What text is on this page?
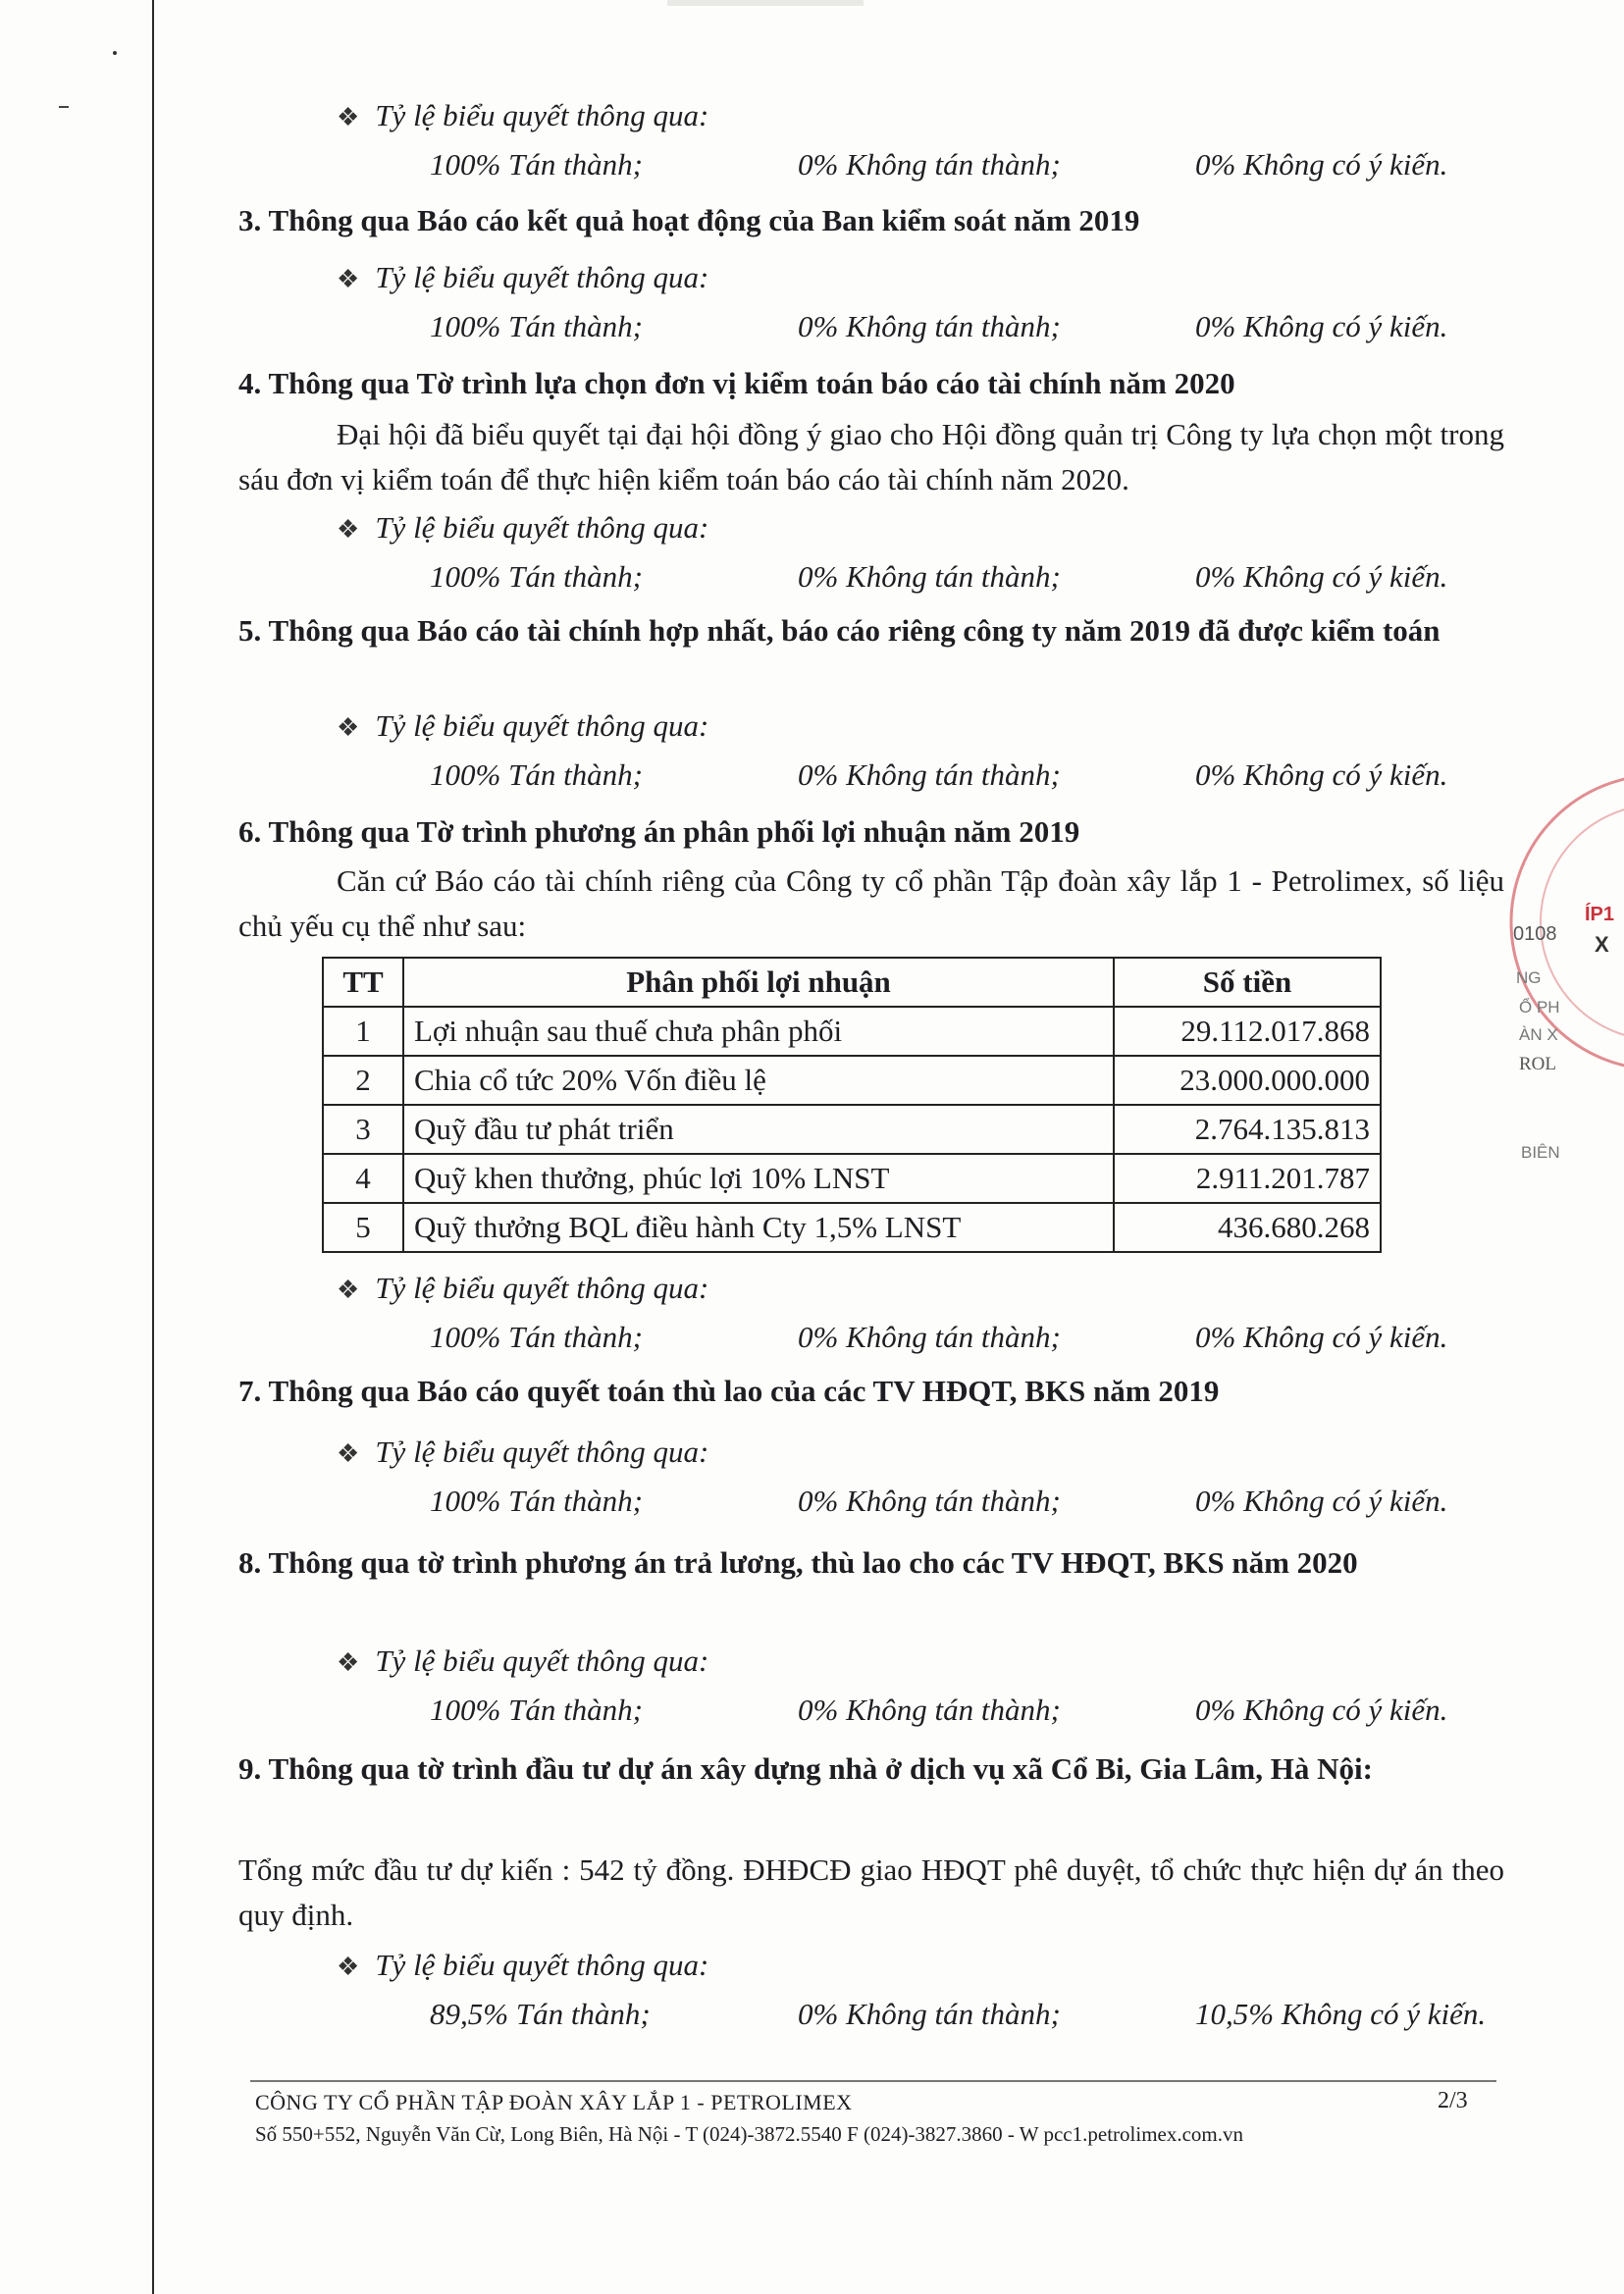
❖ Tỷ lệ biểu quyết thông qua:
100% Tán thành;	0% Không tán thành;	0% Không có ý kiến.
3. Thông qua Báo cáo kết quả hoạt động của Ban kiểm soát năm 2019
❖ Tỷ lệ biểu quyết thông qua:
100% Tán thành;	0% Không tán thành;	0% Không có ý kiến.
4. Thông qua Tờ trình lựa chọn đơn vị kiểm toán báo cáo tài chính năm 2020
Đại hội đã biểu quyết tại đại hội đồng ý giao cho Hội đồng quản trị Công ty lựa chọn một trong sáu đơn vị kiểm toán để thực hiện kiểm toán báo cáo tài chính năm 2020.
❖ Tỷ lệ biểu quyết thông qua:
100% Tán thành;	0% Không tán thành;	0% Không có ý kiến.
5. Thông qua Báo cáo tài chính hợp nhất, báo cáo riêng công ty năm 2019 đã được kiểm toán
❖ Tỷ lệ biểu quyết thông qua:
100% Tán thành;	0% Không tán thành;	0% Không có ý kiến.
6. Thông qua Tờ trình phương án phân phối lợi nhuận năm 2019
Căn cứ Báo cáo tài chính riêng của Công ty cổ phần Tập đoàn xây lắp 1 - Petrolimex, số liệu chủ yếu cụ thể như sau:
TT	Phân phối lợi nhuận	Số tiền
1	Lợi nhuận sau thuế chưa phân phối	29.112.017.868
2	Chia cổ tức 20% Vốn điều lệ	23.000.000.000
3	Quỹ đầu tư phát triển	2.764.135.813
4	Quỹ khen thưởng, phúc lợi 10% LNST	2.911.201.787
5	Quỹ thưởng BQL điều hành Cty 1,5% LNST	436.680.268
❖ Tỷ lệ biểu quyết thông qua:
100% Tán thành;	0% Không tán thành;	0% Không có ý kiến.
7. Thông qua Báo cáo quyết toán thù lao của các TV HĐQT, BKS năm 2019
❖ Tỷ lệ biểu quyết thông qua:
100% Tán thành;	0% Không tán thành;	0% Không có ý kiến.
8. Thông qua tờ trình phương án trả lương, thù lao cho các TV HĐQT, BKS năm 2020
❖ Tỷ lệ biểu quyết thông qua:
100% Tán thành;	0% Không tán thành;	0% Không có ý kiến.
9. Thông qua tờ trình đầu tư dự án xây dựng nhà ở dịch vụ xã Cổ Bi, Gia Lâm, Hà Nội:
Tổng mức đầu tư dự kiến : 542 tỷ đồng. ĐHĐCĐ giao HĐQT phê duyệt, tổ chức thực hiện dự án theo quy định.
❖ Tỷ lệ biểu quyết thông qua:
89,5% Tán thành;	0% Không tán thành;	10,5% Không có ý kiến.
CÔNG TY CỔ PHẦN TẬP ĐOÀN XÂY LẮP 1 - PETROLIMEX	2/3
Số 550+552, Nguyễn Văn Cừ, Long Biên, Hà Nội - T (024)-3872.5540 F (024)-3827.3860 - W pcc1.petrolimex.com.vn
0108
ÍP1
X
NG
Ổ PH
ÀN X
ROL
BIÊN
